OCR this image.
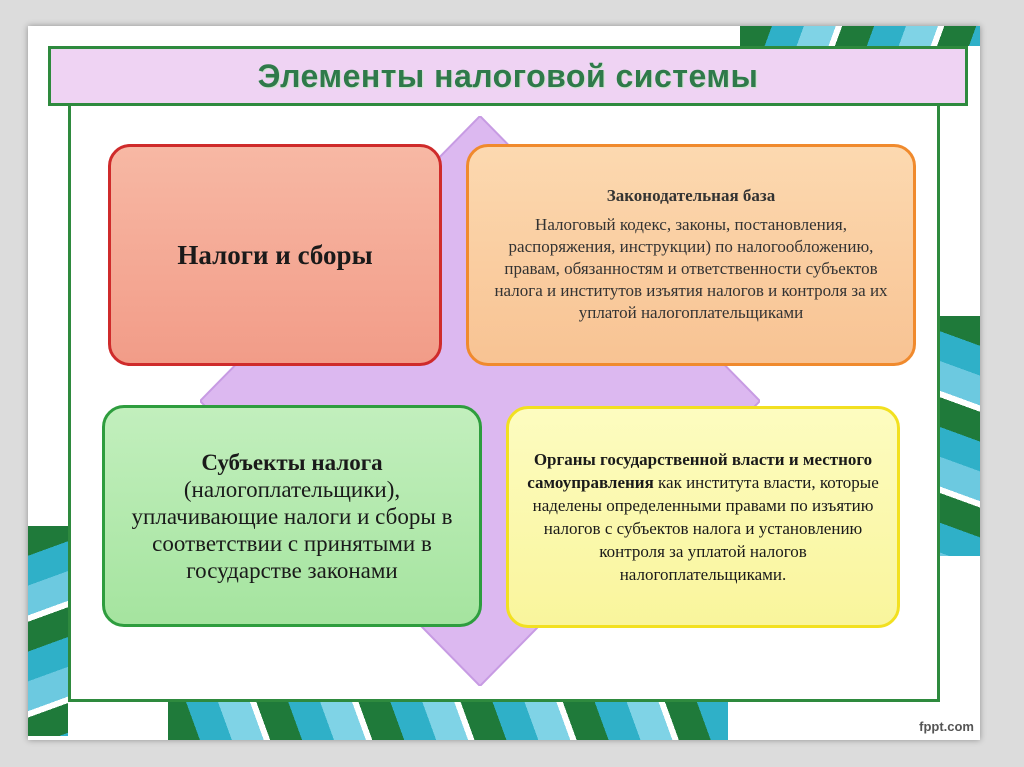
Элементы налоговой системы
Налоги и сборы
Законодательная база
Налоговый кодекс, законы, постановления, распоряжения, инструкции) по налогообложению, правам, обязанностям и ответственности субъектов налога и институтов изъятия налогов и контроля за их уплатой налогоплательщиками
Субъекты налога
(налогоплательщики), уплачивающие налоги и сборы в соответствии с принятыми в государстве законами
Органы государственной власти и местного самоуправления как института власти, которые наделены определенными правами по изъятию налогов с субъектов налога и установлению контроля за уплатой налогов налогоплательщиками.
fppt.com
